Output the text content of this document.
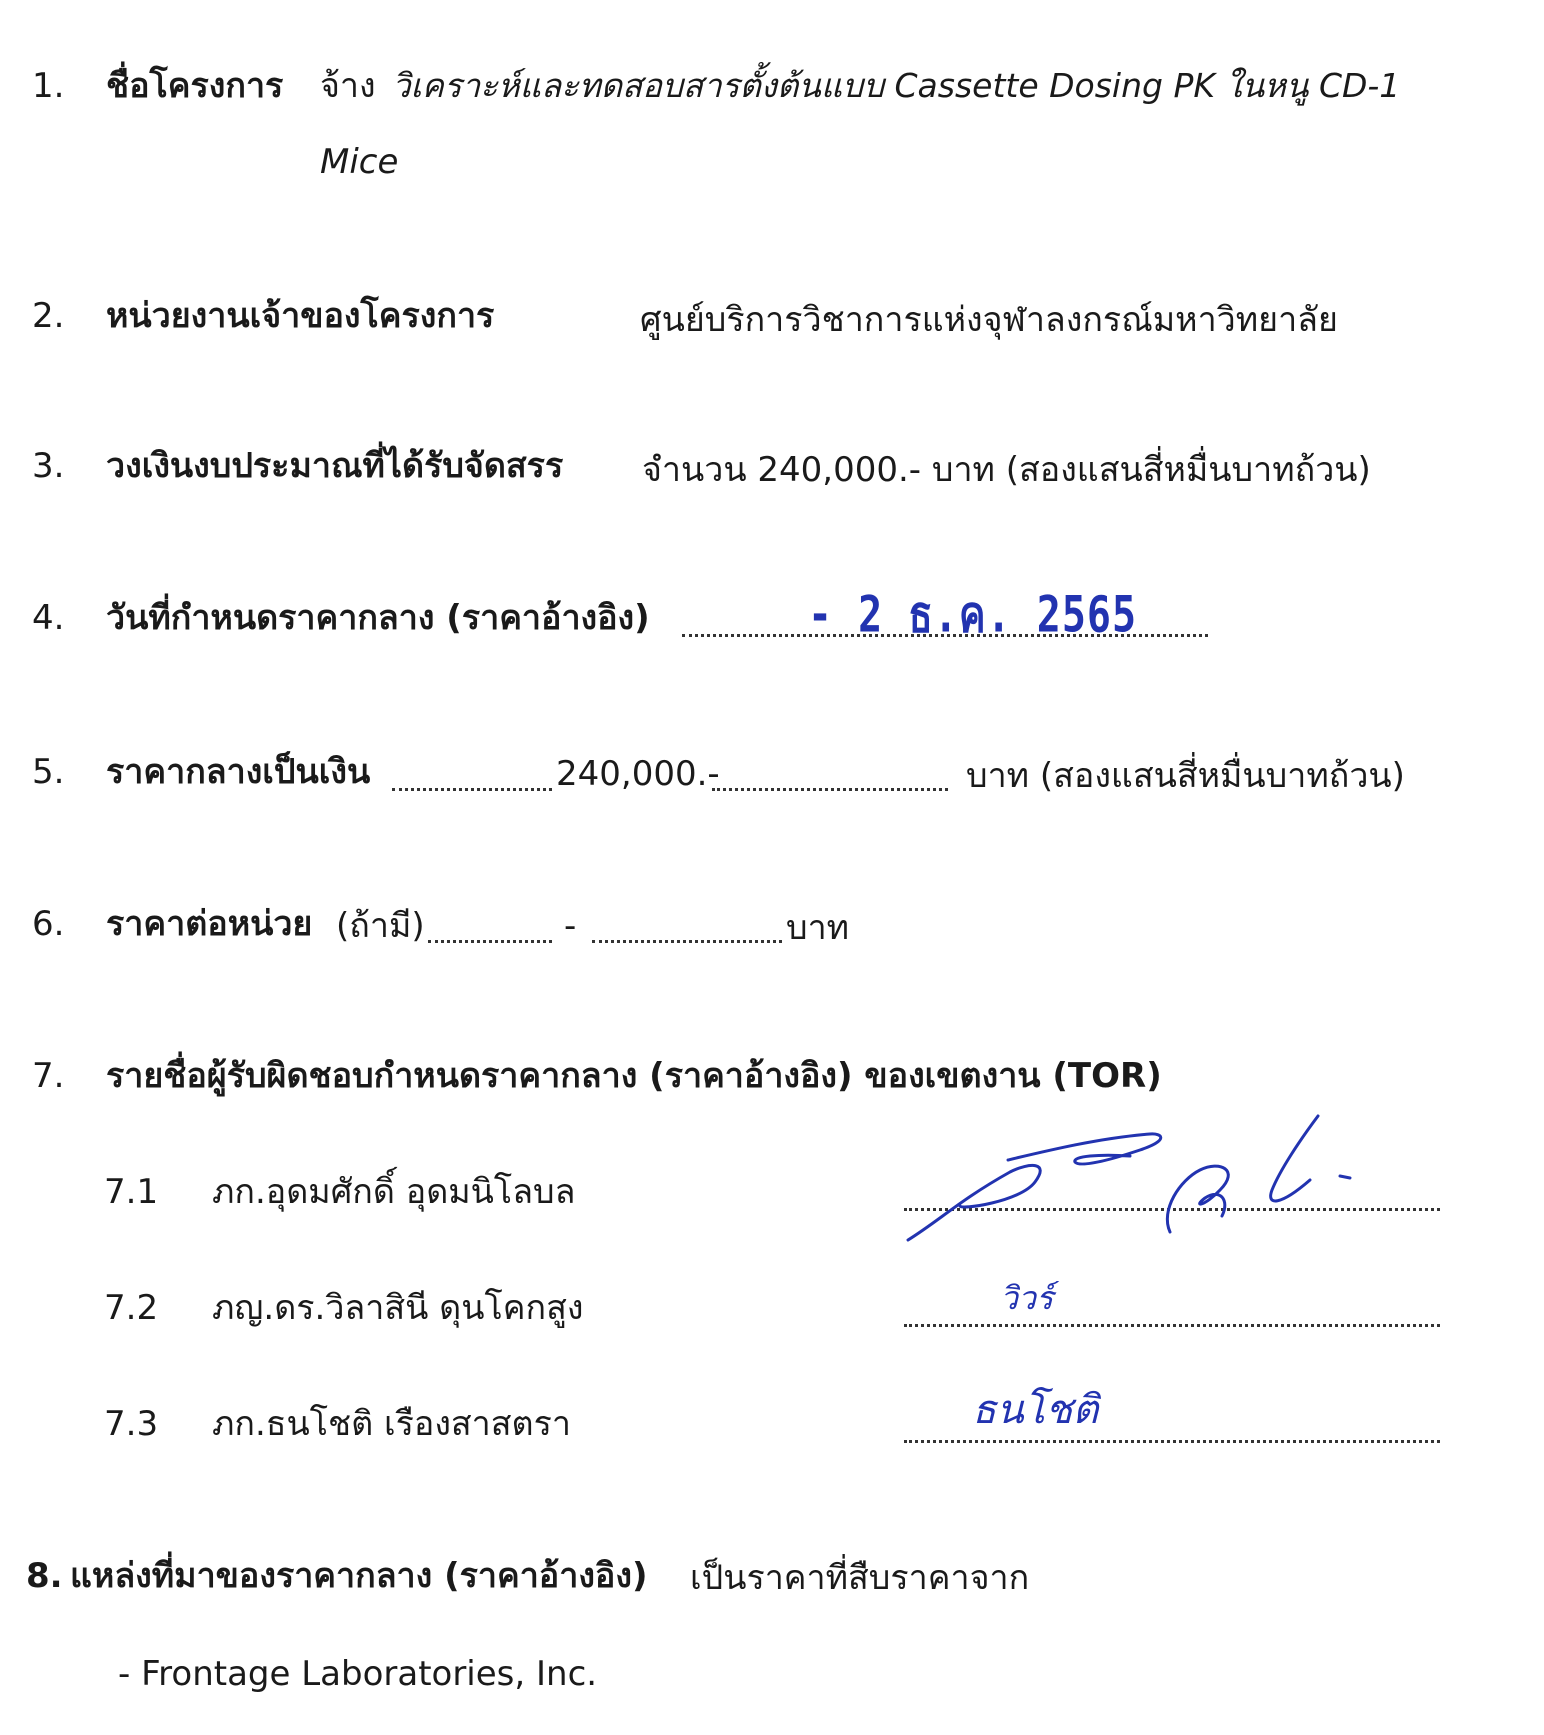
1. ชื่อโครงการ จ้าง วิเคราะห์และทดสอบสารตั้งต้นแบบ Cassette Dosing PK ในหนู CD-1
Mice
2. หน่วยงานเจ้าของโครงการ	ศูนย์บริการวิชาการแห่งจุฬาลงกรณ์มหาวิทยาลัย
3. วงเงินงบประมาณที่ได้รับจัดสรร จำนวน 240,000.- บาท (สองแสนสี่หมื่นบาทถ้วน)
4. วันที่กำหนดราคากลาง (ราคาอ้างอิง)	- 2 ธ.ค. 2565
5. ราคากลางเป็นเงิน	240,000.-	บาท (สองแสนสี่หมื่นบาทถ้วน)
6. ราคาต่อหน่วย (ถ้ามี)	-	บาท
7. รายชื่อผู้รับผิดชอบกำหนดราคากลาง (ราคาอ้างอิง) ของเขตงาน (TOR)
7.1 ภก.อุดมศักดิ์ อุดมนิโลบล
7.2 ภญ.ดร.วิลาสินี ดุนโคกสูง	วิวร์
7.3 ภก.ธนโชติ เรืองสาสตรา	ธนโชติ
8. แหล่งที่มาของราคากลาง (ราคาอ้างอิง) เป็นราคาที่สืบราคาจาก
- Frontage Laboratories, Inc.
